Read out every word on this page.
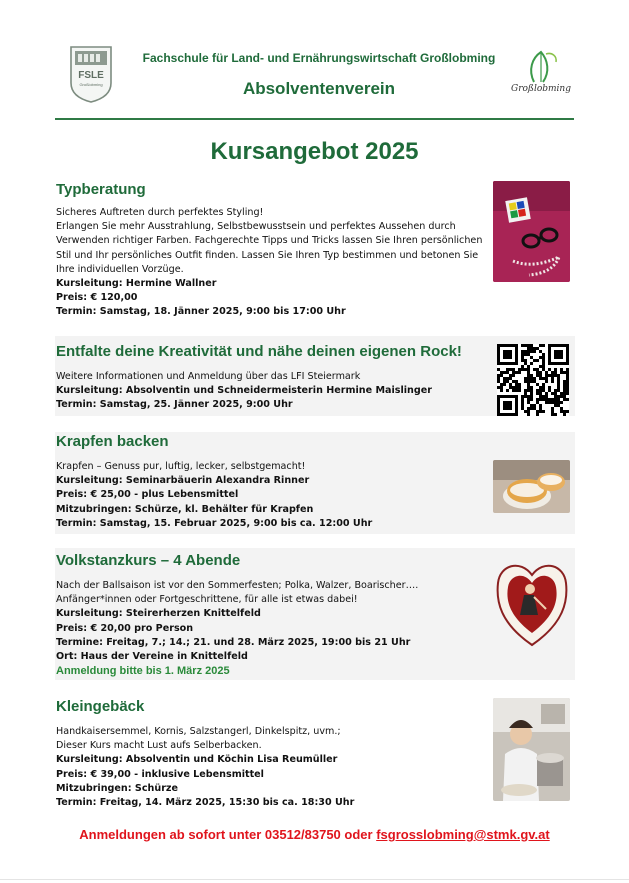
FSLE
Großlobming
Fachschule für Land- und Ernährungswirtschaft Großlobming
Absolventenverein	Großlobming
Kursangebot 2025
Typberatung
Sicheres Auftreten durch perfektes Styling!
Erlangen Sie mehr Ausstrahlung, Selbstbewusstsein und perfektes Aussehen durch
Verwenden richtiger Farben. Fachgerechte Tipps und Tricks lassen Sie Ihren persönlichen
Stil und Ihr persönliches Outfit finden. Lassen Sie Ihren Typ bestimmen und betonen Sie
Ihre individuellen Vorzüge.
Kursleitung: Hermine Wallner
Preis: € 120,00
Termin: Samstag, 18. Jänner 2025, 9:00 bis 17:00 Uhr
Entfalte deine Kreativität und nähe deinen eigenen Rock!
Weitere Informationen und Anmeldung über das LFI Steiermark
Kursleitung: Absolventin und Schneidermeisterin Hermine Maislinger
Termin: Samstag, 25. Jänner 2025, 9:00 Uhr
Krapfen backen
Krapfen – Genuss pur, luftig, lecker, selbstgemacht!
Kursleitung: Seminarbäuerin Alexandra Rinner
Preis: € 25,00 - plus Lebensmittel
Mitzubringen: Schürze, kl. Behälter für Krapfen
Termin: Samstag, 15. Februar 2025, 9:00 bis ca. 12:00 Uhr
Volkstanzkurs – 4 Abende
Nach der Ballsaison ist vor den Sommerfesten; Polka, Walzer, Boarischer….
Anfänger*innen oder Fortgeschrittene, für alle ist etwas dabei!
Kursleitung: Steirerherzen Knittelfeld
Preis: € 20,00 pro Person
Termine: Freitag, 7.; 14.; 21. und 28. März 2025, 19:00 bis 21 Uhr
Ort: Haus der Vereine in Knittelfeld
Anmeldung bitte bis 1. März 2025
Kleingebäck
Handkaisersemmel, Kornis, Salzstangerl, Dinkelspitz, uvm.;
Dieser Kurs macht Lust aufs Selberbacken.
Kursleitung: Absolventin und Köchin Lisa Reumüller
Preis: € 39,00 - inklusive Lebensmittel
Mitzubringen: Schürze
Termin: Freitag, 14. März 2025, 15:30 bis ca. 18:30 Uhr
Anmeldungen ab sofort unter 03512/83750 oder fsgrosslobming@stmk.gv.at
